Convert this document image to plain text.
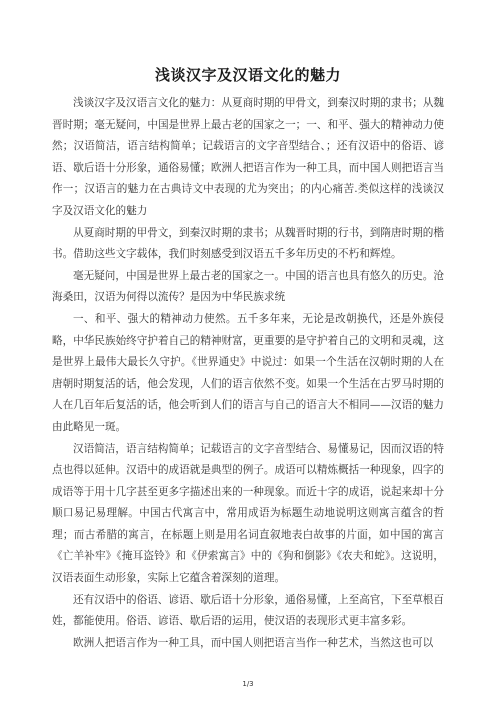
浅谈汉字及汉语文化的魅力

浅谈汉字及汉语言文化的魅力：从夏商时期的甲骨文，到秦汉时期的隶书；从魏晋时期；毫无疑问，中国是世界上最古老的国家之一；一、和平、强大的精神动力使然；汉语简洁，语言结构简单；记载语言的文字音型结合、；还有汉语中的俗语、谚语、歇后语十分形象，通俗易懂；欧洲人把语言作为一种工具，而中国人则把语言当作一；汉语言的魅力在古典诗文中表现的尤为突出；的内心痛苦.类似这样的浅谈汉字及汉语文化的魅力

从夏商时期的甲骨文，到秦汉时期的隶书；从魏晋时期的行书，到隋唐时期的楷书。借助这些文字载体，我们时刻感受到汉语五千多年历史的不朽和辉煌。

毫无疑问，中国是世界上最古老的国家之一。中国的语言也具有悠久的历史。沧海桑田，汉语为何得以流传？是因为中华民族求统

一、和平、强大的精神动力使然。五千多年来，无论是改朝换代，还是外族侵略，中华民族始终守护着自己的精神财富，更重要的是守护着自己的文明和灵魂，这是世界上最伟大最长久守护。《世界通史》中说过：如果一个生活在汉朝时期的人在唐朝时期复活的话，他会发现，人们的语言依然不变。如果一个生活在古罗马时期的人在几百年后复活的话，他会听到人们的语言与自己的语言大不相同——汉语的魅力由此略见一斑。

汉语简洁，语言结构简单；记载语言的文字音型结合、易懂易记，因而汉语的特点也得以延伸。汉语中的成语就是典型的例子。成语可以精炼概括一种现象，四字的成语等于用十几字甚至更多字描述出来的一种现象。而近十字的成语，说起来却十分顺口易记易理解。中国古代寓言中，常用成语为标题生动地说明这则寓言蕴含的哲理；而古希腊的寓言，在标题上则是用名词直叙地表白故事的片面，如中国的寓言《亡羊补牢》《掩耳盗铃》和《伊索寓言》中的《狗和倒影》《农夫和蛇》。这说明，汉语表面生动形象，实际上它蕴含着深刻的道理。

还有汉语中的俗语、谚语、歇后语十分形象，通俗易懂，上至高官，下至草根百姓，都能使用。俗语、谚语、歇后语的运用，使汉语的表现形式更丰富多彩。

欧洲人把语言作为一种工具，而中国人则把语言当作一种艺术，当然这也可以

1/3
